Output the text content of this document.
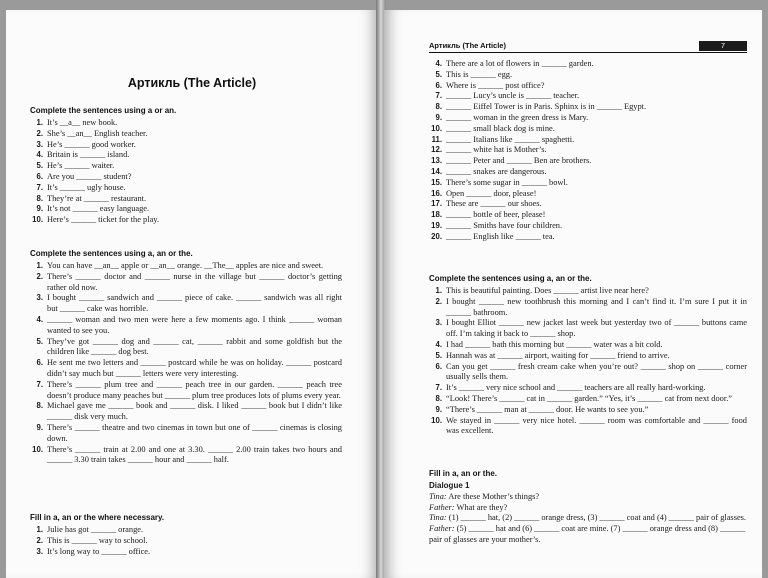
Артикль (The Article)
Complete the sentences using a or an.
1. It’s __a__ new book.
2. She’s __an__ English teacher.
3. He’s ______ good worker.
4. Britain is ______ island.
5. He’s ______ waiter.
6. Are you ______ student?
7. It’s ______ ugly house.
8. They’re at ______ restaurant.
9. It’s not ______ easy language.
10. Here’s ______ ticket for the play.
Complete the sentences using a, an or the.
1. You can have __an__ apple or __an__ orange. __The__ apples are nice and sweet.
2. There’s ______ doctor and ______ nurse in the village but ______ doctor’s getting rather old now.
3. I bought ______ sandwich and ______ piece of cake. ______ sandwich was all right but ______ cake was horrible.
4. ______ woman and two men were here a few moments ago. I think ______ woman wanted to see you.
5. They’ve got ______ dog and ______ cat, ______ rabbit and some goldfish but the children like ______ dog best.
6. He sent me two letters and ______ postcard while he was on holiday. ______ postcard didn’t say much but ______ letters were very interesting.
7. There’s ______ plum tree and ______ peach tree in our garden. ______ peach tree doesn’t produce many peaches but ______ plum tree produces lots of plums every year.
8. Michael gave me ______ book and ______ disk. I liked ______ book but I didn’t like ______ disk very much.
9. There’s ______ theatre and two cinemas in town but one of ______ cinemas is closing down.
10. There’s ______ train at 2.00 and one at 3.30. ______ 2.00 train takes two hours and ______ 3.30 train takes ______ hour and ______ half.
Fill in a, an or the where necessary.
1. Julie has got ______ orange.
2. This is ______ way to school.
3. It’s long way to ______ office.
Артикль (The Article)	7
4. There are a lot of flowers in ______ garden.
5. This is ______ egg.
6. Where is ______ post office?
7. ______ Lucy’s uncle is ______ teacher.
8. ______ Eiffel Tower is in Paris. Sphinx is in ______ Egypt.
9. ______ woman in the green dress is Mary.
10. ______ small black dog is mine.
11. ______ Italians like ______ spaghetti.
12. ______ white hat is Mother’s.
13. ______ Peter and ______ Ben are brothers.
14. ______ snakes are dangerous.
15. There’s some sugar in ______ bowl.
16. Open ______ door, please!
17. These are ______ our shoes.
18. ______ bottle of beer, please!
19. ______ Smiths have four children.
20. ______ English like ______ tea.
Complete the sentences using a, an or the.
1. This is beautiful painting. Does ______ artist live near here?
2. I bought ______ new toothbrush this morning and I can’t find it. I’m sure I put it in ______ bathroom.
3. I bought Elliot ______ new jacket last week but yesterday two of ______ buttons came off. I’m taking it back to ______ shop.
4. I had ______ bath this morning but ______ water was a bit cold.
5. Hannah was at ______ airport, waiting for ______ friend to arrive.
6. Can you get ______ fresh cream cake when you’re out? ______ shop on ______ corner usually sells them.
7. It’s ______ very nice school and ______ teachers are all really hard-working.
8. “Look! There’s ______ cat in ______ garden.” “Yes, it’s ______ cat from next door.”
9. “There’s ______ man at ______ door. He wants to see you.”
10. We stayed in ______ very nice hotel. ______ room was comfortable and ______ food was excellent.
Fill in a, an or the.
Dialogue 1

Tina: Are these Mother’s things?

Father: What are they?

Tina: (1) ______ hat, (2) ______ orange dress, (3) ______ coat and (4) ______ pair of glasses.

Father: (5) ______ hat and (6) ______ coat are mine. (7) ______ orange dress and (8) ______ pair of glasses are your mother’s.
